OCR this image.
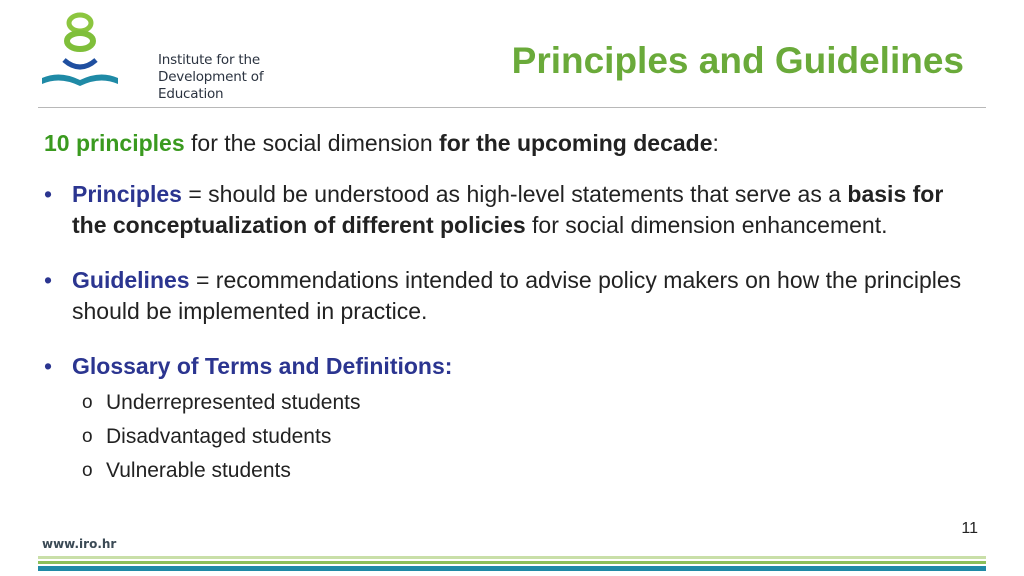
Institute for the
Development of Education
Principles and Guidelines

10 principles for the social dimension for the upcoming decade:

• Principles = should be understood as high-level statements that serve as a basis for the conceptualization of different policies for social dimension enhancement.
• Guidelines = recommendations intended to advise policy makers on how the principles should be implemented in practice.
• Glossary of Terms and Definitions:
o Underrepresented students
o Disadvantaged students
o Vulnerable students
11
www.iro.hr
